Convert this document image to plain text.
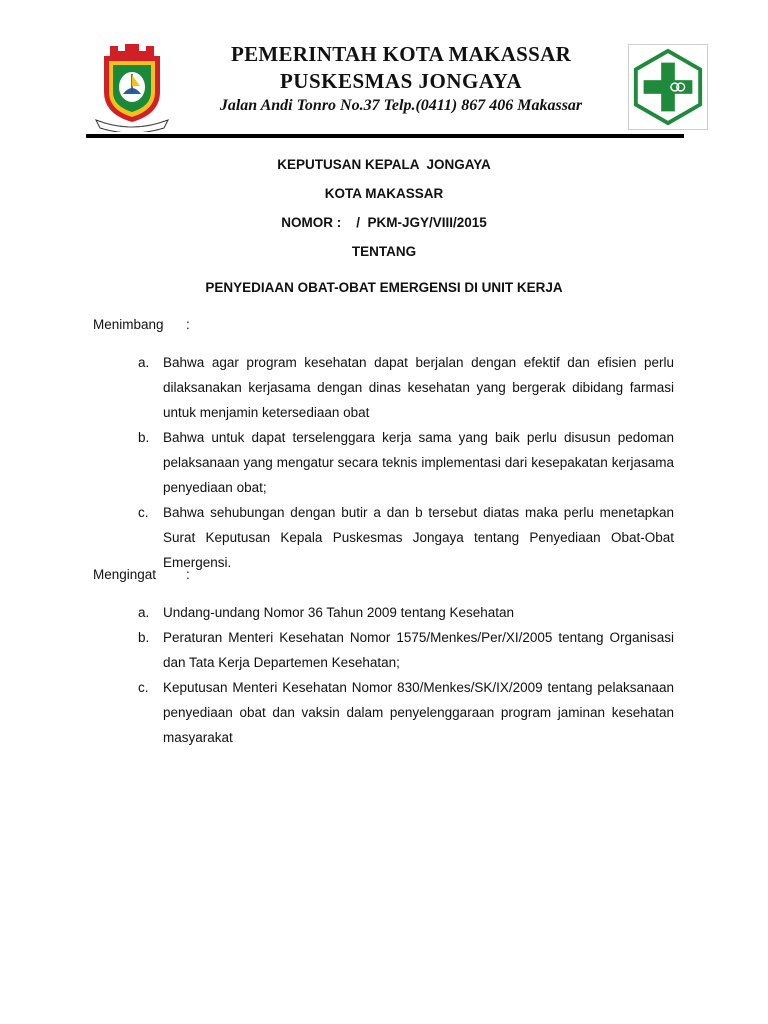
PEMERINTAH KOTA MAKASSAR
PUSKESMAS JONGAYA
Jalan Andi Tonro No.37 Telp.(0411) 867 406 Makassar
KEPUTUSAN KEPALA  JONGAYA
KOTA MAKASSAR
NOMOR :    /  PKM-JGY/VIII/2015
TENTANG
PENYEDIAAN OBAT-OBAT EMERGENSI DI UNIT KERJA
Menimbang :
a. Bahwa agar program kesehatan dapat berjalan dengan efektif dan efisien perlu dilaksanakan kerjasama dengan dinas kesehatan yang bergerak dibidang farmasi untuk menjamin ketersediaan obat
b. Bahwa untuk dapat terselenggara kerja sama yang baik perlu disusun pedoman pelaksanaan yang mengatur secara teknis implementasi dari kesepakatan kerjasama penyediaan obat;
c. Bahwa sehubungan dengan butir a dan b tersebut diatas maka perlu menetapkan Surat Keputusan Kepala Puskesmas Jongaya tentang Penyediaan Obat-Obat Emergensi.
Mengingat :
a. Undang-undang Nomor 36 Tahun 2009 tentang Kesehatan
b. Peraturan Menteri Kesehatan Nomor 1575/Menkes/Per/XI/2005 tentang Organisasi dan Tata Kerja Departemen Kesehatan;
c. Keputusan Menteri Kesehatan Nomor 830/Menkes/SK/IX/2009 tentang pelaksanaan penyediaan obat dan vaksin dalam penyelenggaraan program jaminan kesehatan masyarakat
